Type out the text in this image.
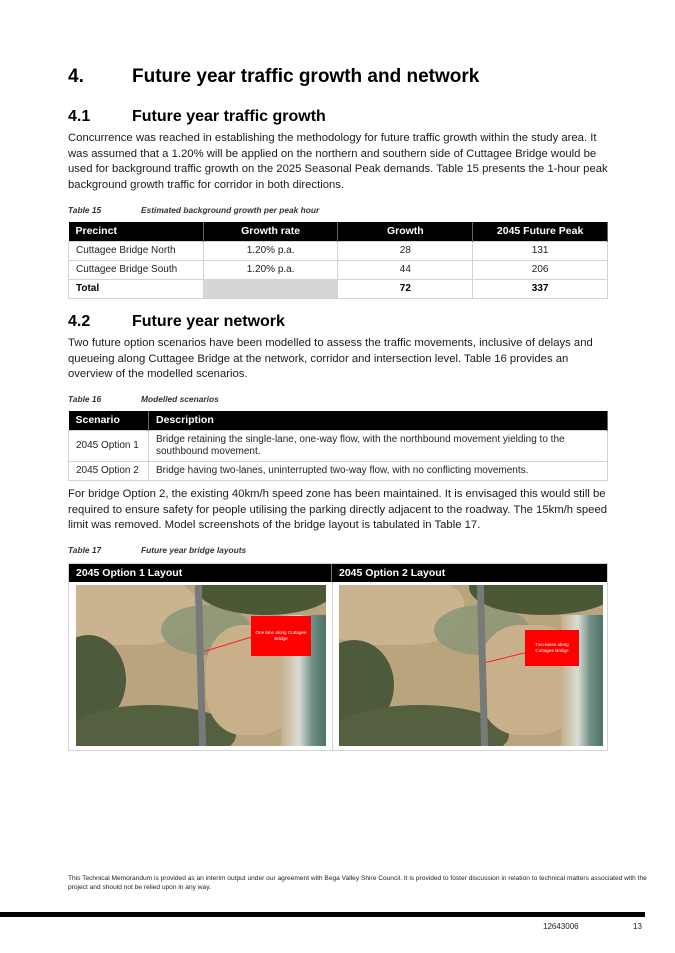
4.	Future year traffic growth and network
4.1	Future year traffic growth

Concurrence was reached in establishing the methodology for future traffic growth within the study area. It was assumed that a 1.20% will be applied on the northern and southern side of Cuttagee Bridge would be used for background traffic growth on the 2025 Seasonal Peak demands. Table 15 presents the 1-hour peak background growth traffic for corridor in both directions.

Table 15	Estimated background growth per peak hour
Precinct	Growth rate	Growth	2045 Future Peak
Cuttagee Bridge North	1.20% p.a.	28	131
Cuttagee Bridge South	1.20% p.a.	44	206
Total		72	337
4.2	Future year network

Two future option scenarios have been modelled to assess the traffic movements, inclusive of delays and queueing along Cuttagee Bridge at the network, corridor and intersection level. Table 16 provides an overview of the modelled scenarios.

Table 16	Modelled scenarios
Scenario	Description
2045 Option 1	Bridge retaining the single-lane, one-way flow, with the northbound movement yielding to the southbound movement.
2045 Option 2	Bridge having two-lanes, uninterrupted two-way flow, with no conflicting movements.

For bridge Option 2, the existing 40km/h speed zone has been maintained. It is envisaged this would still be required to ensure safety for people utilising the parking directly adjacent to the roadway. The 15km/h speed limit was removed. Model screenshots of the bridge layout is tabulated in Table 17.

Table 17	Future year bridge layouts
2045 Option 1 Layout	2045 Option 2 Layout
One lane along Cuttagee Bridge
Two-lanes along Cuttagee Bridge

This Technical Memorandum is provided as an interim output under our agreement with Bega Valley Shire Council. It is provided to foster discussion in relation to technical matters associated with the project and should not be relied upon in any way.

12643006	13
